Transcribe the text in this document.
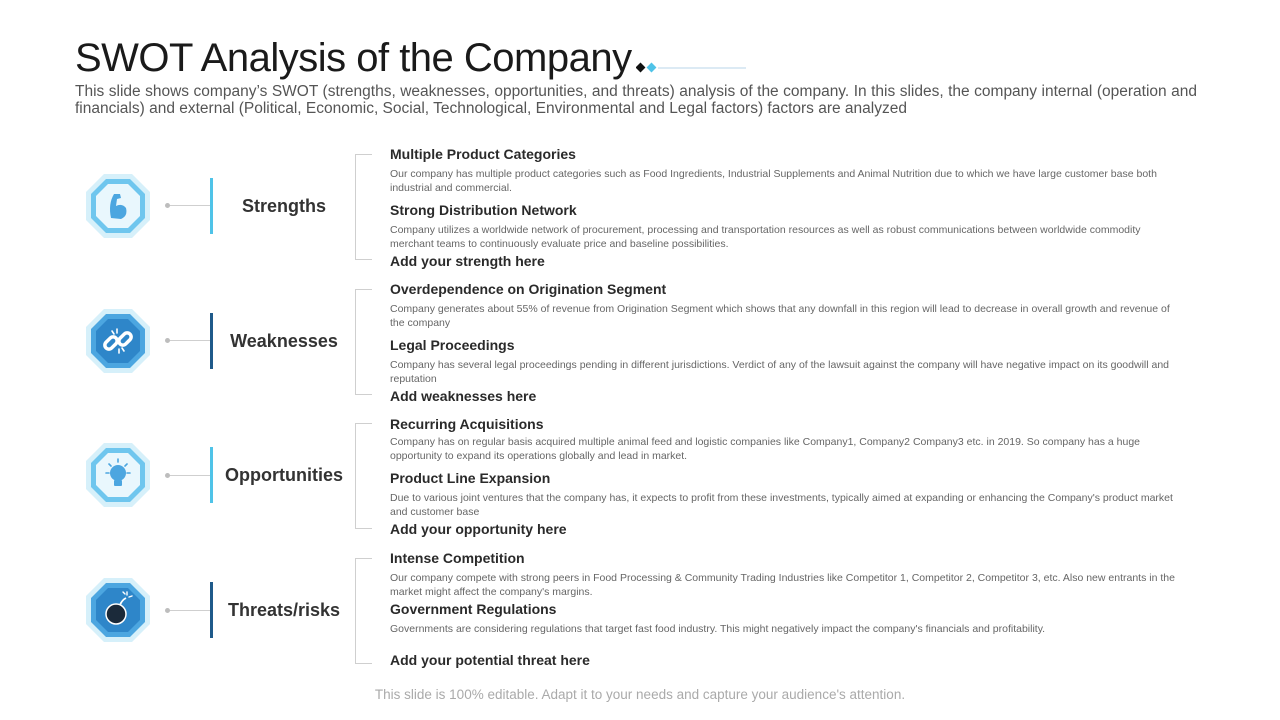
SWOT Analysis of the Company
This slide shows company’s SWOT (strengths, weaknesses, opportunities, and threats) analysis of the company. In this slides, the company internal (operation and financials) and external (Political, Economic, Social, Technological, Environmental and Legal factors) factors are analyzed
Strengths
Multiple Product Categories
Our company has multiple product categories such as Food Ingredients, Industrial Supplements and Animal Nutrition due to which we have large customer base both industrial and commercial.
Strong Distribution Network
Company utilizes a worldwide network of procurement, processing and transportation resources as well as robust communications between worldwide commodity merchant teams to continuously evaluate price and baseline possibilities.
Add your strength here
Weaknesses
Overdependence on Origination Segment
Company generates about 55% of revenue from Origination Segment which shows that any downfall in this region will lead to decrease in overall growth and revenue of the company
Legal Proceedings
Company has several legal proceedings pending in different jurisdictions. Verdict of any of the lawsuit against the company will have negative impact on its goodwill and reputation
Add weaknesses here
Opportunities
Recurring Acquisitions
Company has on regular basis acquired multiple animal feed and logistic companies like Company1, Company2 Company3 etc. in 2019. So company has a huge opportunity to expand its operations globally and lead in market.
Product Line Expansion
Due to various joint ventures that the company has, it expects to profit from these investments, typically aimed at expanding or enhancing the Company's product market and customer base
Add your opportunity here
Threats/risks
Intense Competition
Our company compete with strong peers in Food Processing & Community Trading Industries like Competitor 1, Competitor 2, Competitor 3, etc. Also new entrants in the market might affect the company's margins.
Government Regulations
Governments are considering regulations that target fast food industry. This might negatively impact the company's financials and profitability.
Add your potential threat here
This slide is 100% editable. Adapt it to your needs and capture your audience's attention.
